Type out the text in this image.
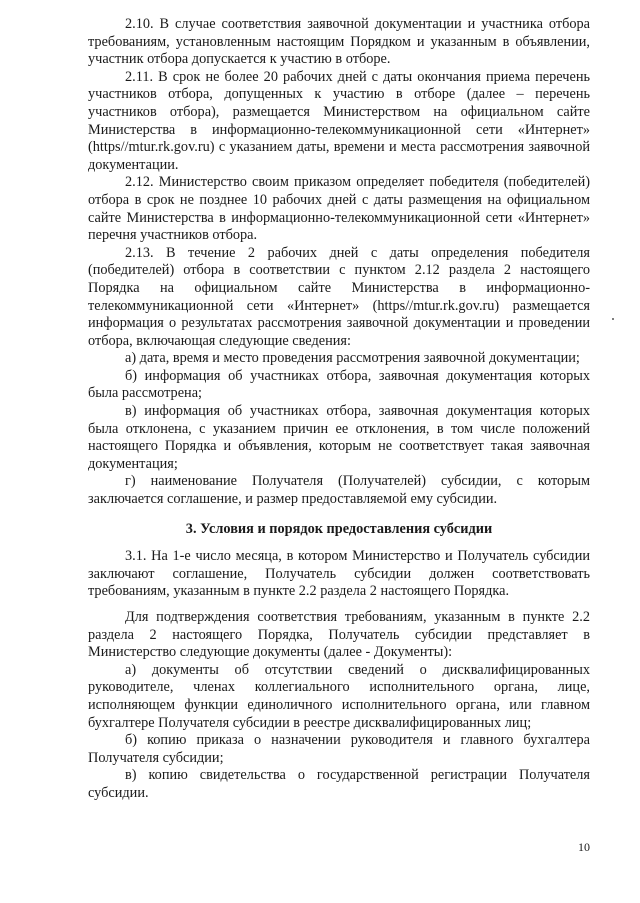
2.10. В случае соответствия заявочной документации и участника отбора требованиям, установленным настоящим Порядком и указанным в объявлении, участник отбора допускается к участию в отборе.

2.11. В срок не более 20 рабочих дней с даты окончания приема перечень участников отбора, допущенных к участию в отборе (далее – перечень участников отбора), размещается Министерством на официальном сайте Министерства в информационно-телекоммуникационной сети «Интернет» (https//mtur.rk.gov.ru) с указанием даты, времени и места рассмотрения заявочной документации.

2.12. Министерство своим приказом определяет победителя (победителей) отбора в срок не позднее 10 рабочих дней с даты размещения на официальном сайте Министерства в информационно-телекоммуникационной сети «Интернет» перечня участников отбора.

2.13. В течение 2 рабочих дней с даты определения победителя (победителей) отбора в соответствии с пунктом 2.12 раздела 2 настоящего Порядка на официальном сайте Министерства в информационно-телекоммуникационной сети «Интернет» (https//mtur.rk.gov.ru) размещается информация о результатах рассмотрения заявочной документации и проведении отбора, включающая следующие сведения:

а) дата, время и место проведения рассмотрения заявочной документации;

б) информация об участниках отбора, заявочная документация которых была рассмотрена;

в) информация об участниках отбора, заявочная документация которых была отклонена, с указанием причин ее отклонения, в том числе положений настоящего Порядка и объявления, которым не соответствует такая заявочная документация;

г) наименование Получателя (Получателей) субсидии, с которым заключается соглашение, и размер предоставляемой ему субсидии.

3. Условия и порядок предоставления субсидии

3.1. На 1-е число месяца, в котором Министерство и Получатель субсидии заключают соглашение, Получатель субсидии должен соответствовать требованиям, указанным в пункте 2.2 раздела 2 настоящего Порядка.

Для подтверждения соответствия требованиям, указанным в пункте 2.2 раздела 2 настоящего Порядка, Получатель субсидии представляет в Министерство следующие документы (далее - Документы):

а) документы об отсутствии сведений о дисквалифицированных руководителе, членах коллегиального исполнительного органа, лице, исполняющем функции единоличного исполнительного органа, или главном бухгалтере Получателя субсидии в реестре дисквалифицированных лиц;

б) копию приказа о назначении руководителя и главного бухгалтера Получателя субсидии;

в) копию свидетельства о государственной регистрации Получателя субсидии.

10
